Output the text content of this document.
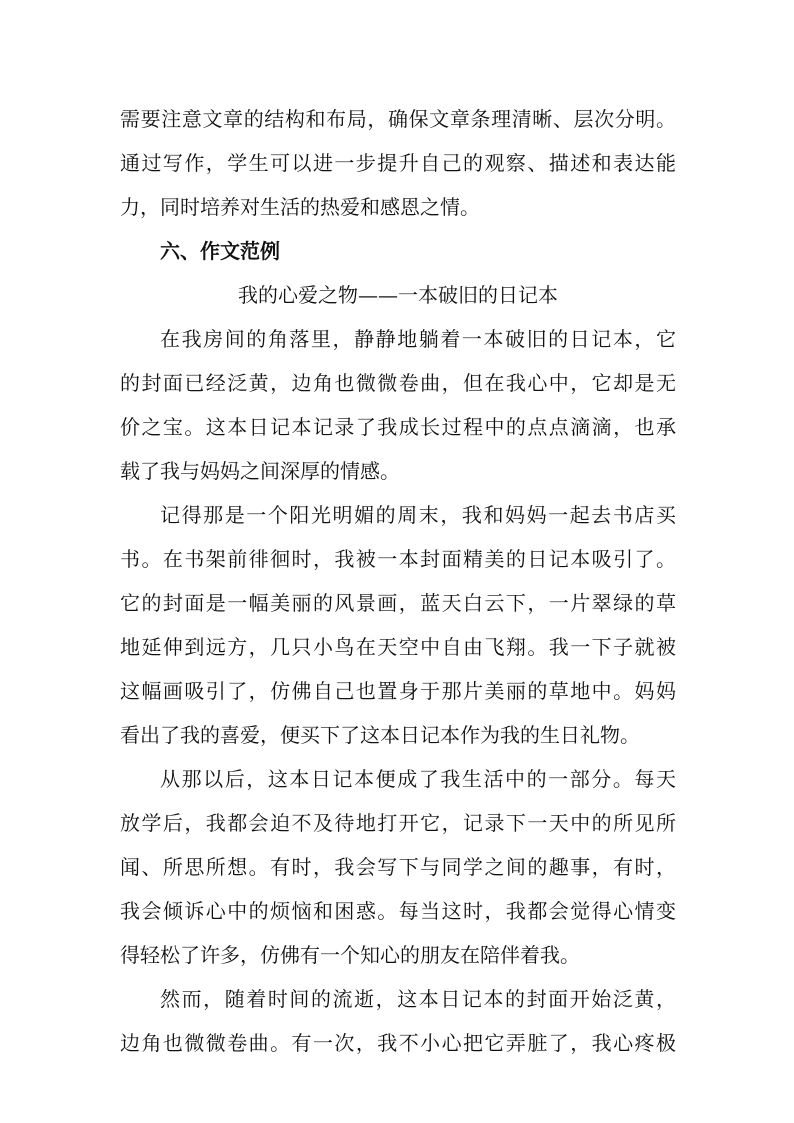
需要注意文章的结构和布局，确保文章条理清晰、层次分明。
通过写作，学生可以进一步提升自己的观察、描述和表达能
力，同时培养对生活的热爱和感恩之情。
六、作文范例
我的心爱之物——一本破旧的日记本
在我房间的角落里，静静地躺着一本破旧的日记本，它
的封面已经泛黄，边角也微微卷曲，但在我心中，它却是无
价之宝。这本日记本记录了我成长过程中的点点滴滴，也承
载了我与妈妈之间深厚的情感。
记得那是一个阳光明媚的周末，我和妈妈一起去书店买
书。在书架前徘徊时，我被一本封面精美的日记本吸引了。
它的封面是一幅美丽的风景画，蓝天白云下，一片翠绿的草
地延伸到远方，几只小鸟在天空中自由飞翔。我一下子就被
这幅画吸引了，仿佛自己也置身于那片美丽的草地中。妈妈
看出了我的喜爱，便买下了这本日记本作为我的生日礼物。
从那以后，这本日记本便成了我生活中的一部分。每天
放学后，我都会迫不及待地打开它，记录下一天中的所见所
闻、所思所想。有时，我会写下与同学之间的趣事，有时，
我会倾诉心中的烦恼和困惑。每当这时，我都会觉得心情变
得轻松了许多，仿佛有一个知心的朋友在陪伴着我。
然而，随着时间的流逝，这本日记本的封面开始泛黄，
边角也微微卷曲。有一次，我不小心把它弄脏了，我心疼极
